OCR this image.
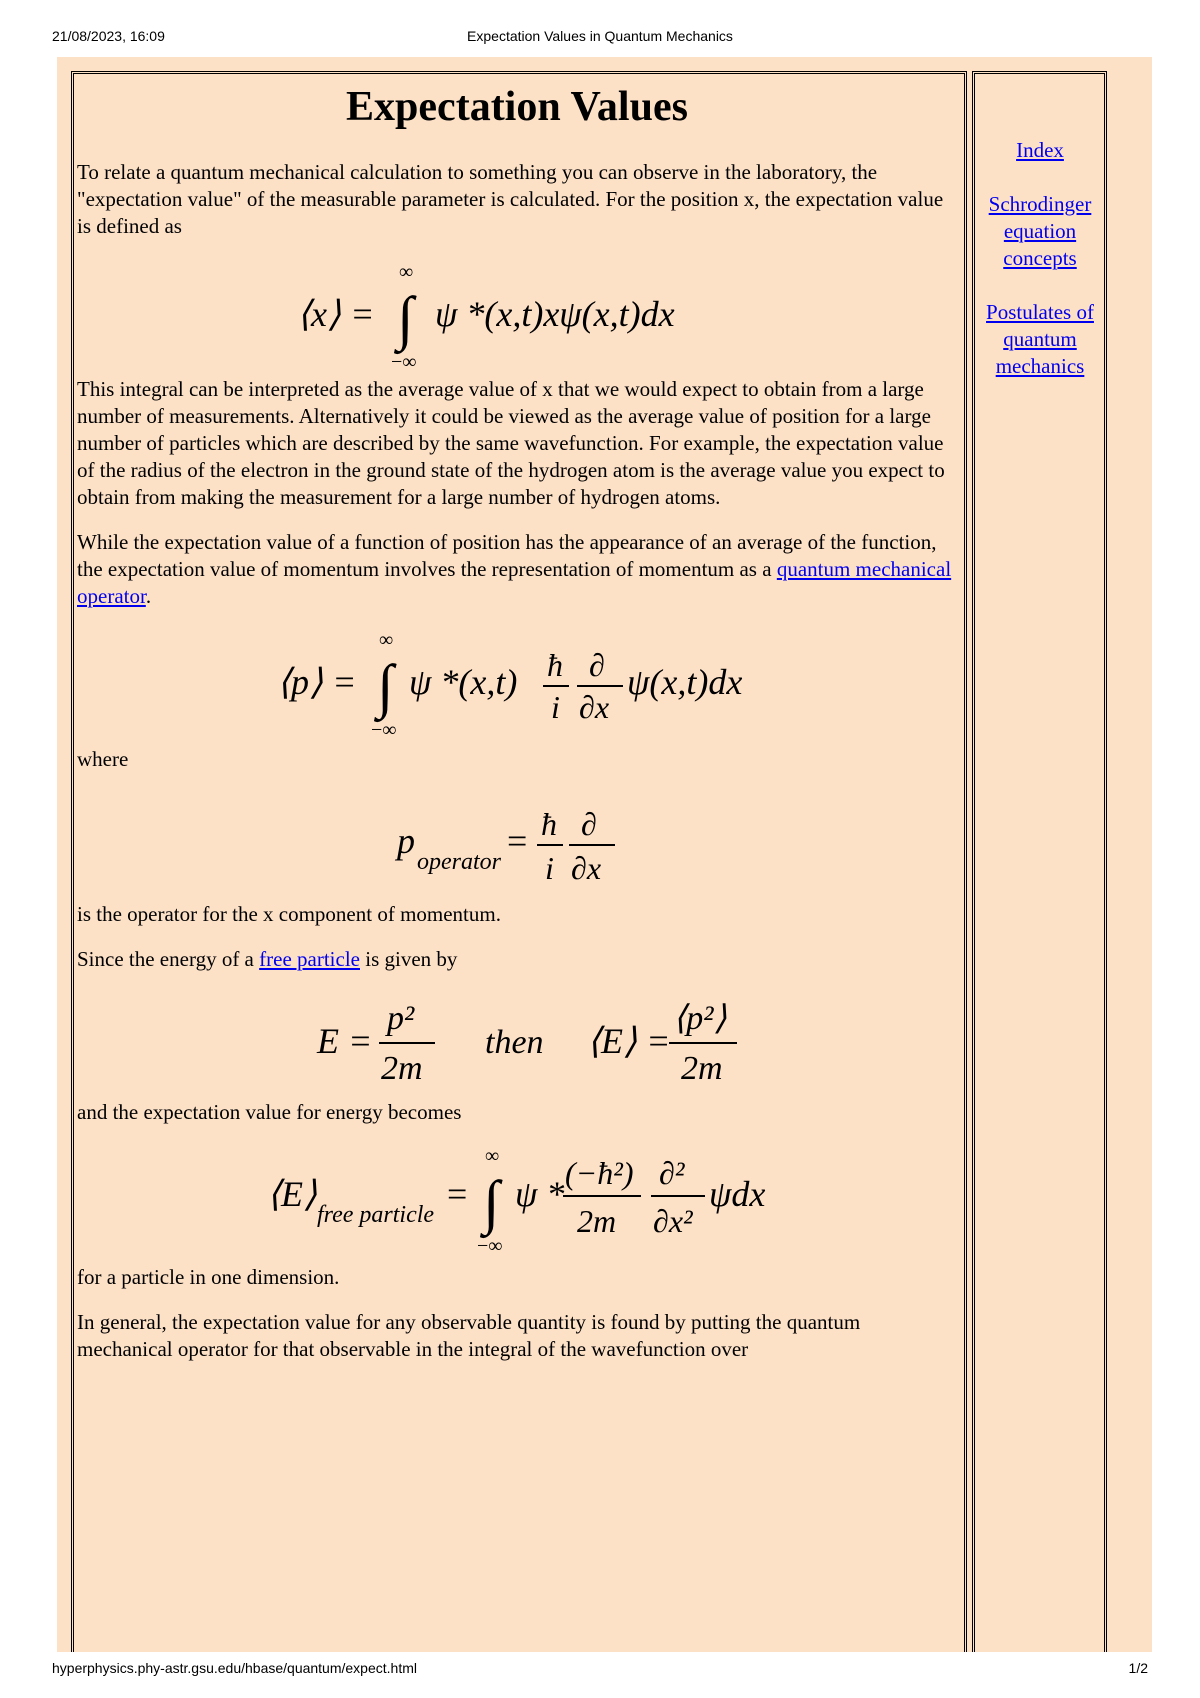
21/08/2023, 16:09	Expectation Values in Quantum Mechanics
Expectation Values

To relate a quantum mechanical calculation to something you can observe in the laboratory, the "expectation value" of the measurable parameter is calculated. For the position x, the expectation value is defined as

⟨x⟩ =
∞
∫
−∞
ψ *(x,t)xψ(x,t)dx

This integral can be interpreted as the average value of x that we would expect to obtain from a large number of measurements. Alternatively it could be viewed as the average value of position for a large number of particles which are described by the same wavefunction. For example, the expectation value of the radius of the electron in the ground state of the hydrogen atom is the average value you expect to obtain from making the measurement for a large number of hydrogen atoms.

While the expectation value of a function of position has the appearance of an average of the function, the expectation value of momentum involves the representation of momentum as a quantum mechanical operator.

⟨p⟩ =
∞
∫
−∞
ψ *(x,t) ħ
i
∂
∂x
ψ(x,t)dx

where

p
operator
= ħ
i
∂
∂x

is the operator for the x component of momentum.

Since the energy of a free particle is given by

E =
p²
2m
then ⟨E⟩ =
⟨p²⟩
2m

and the expectation value for energy becomes

⟨E⟩
free particle
=
∞
∫
−∞
ψ *
(−ħ²)
2m
∂²
∂x²
ψdx

for a particle in one dimension.

In general, the expectation value for any observable quantity is found by putting the quantum mechanical operator for that observable in the integral of the wavefunction over

Index
Schrodinger equation concepts
Postulates of quantum mechanics
hyperphysics.phy-astr.gsu.edu/hbase/quantum/expect.html	1/2
